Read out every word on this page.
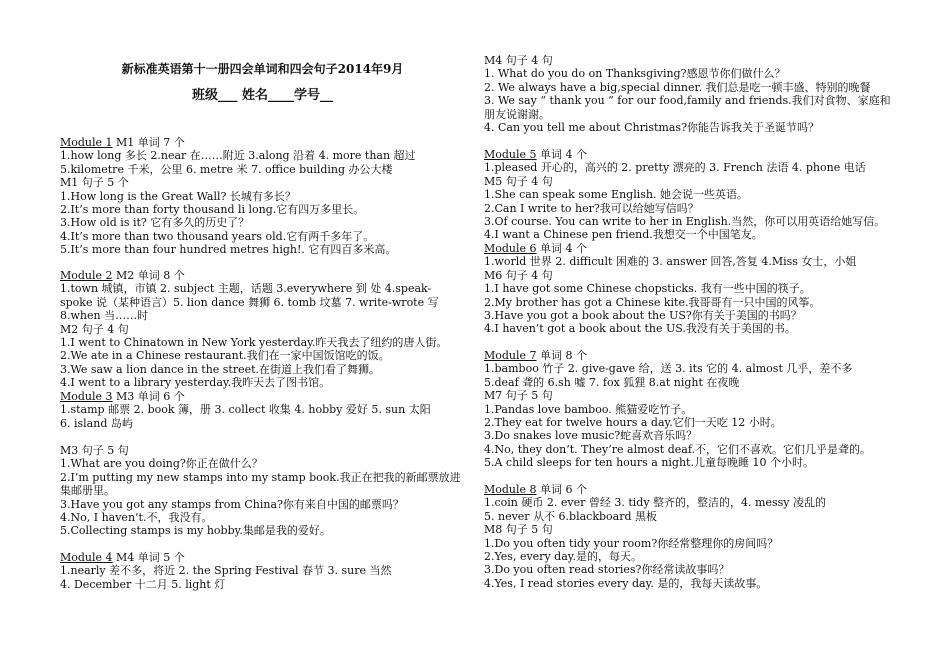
新标准英语第十一册四会单词和四会句子2014年9月
班级___ 姓名____学号__
Module 1 M1 单词 7 个
1.how long 多长 2.near 在……附近 3.along 沿着 4. more than 超过
5.kilometre 千米，公里 6. metre 米 7. office building 办公大楼
M1 句子 5 个
1.How long is the Great Wall? 长城有多长？
2.It’s more than forty thousand li long.它有四万多里长。
3.How old is it? 它有多久的历史了？
4.It’s more than two thousand years old.它有两千多年了。
5.It’s more than four hundred metres high!. 它有四百多米高。
Module 2 M2 单词 8 个
1.town 城镇，市镇 2. subject 主题，话题 3.everywhere 到 处 4.speak- spoke 说（某种语言）5. lion dance 舞狮 6. tomb 坟墓 7. write-wrote 写 8.when 当……时
M2 句子 4 句
1.I went to Chinatown in New York yesterday.昨天我去了纽约的唐人街。
2.We ate in a Chinese restaurant.我们在一家中国饭馆吃的饭。
3.We saw a lion dance in the street.在街道上我们看了舞狮。
4.I went to a library yesterday.我昨天去了图书馆。
Module 3 M3 单词 6 个
1.stamp 邮票 2. book 簿，册 3. collect 收集 4. hobby 爱好 5. sun 太阳
6. island 岛屿
M3 句子 5 句
1.What are you doing?你正在做什么？
2.I’m putting my new stamps into my stamp book.我正在把我的新邮票放进集邮册里。
3.Have you got any stamps from China?你有来自中国的邮票吗？
4.No, I haven’t.不，我没有。
5.Collecting stamps is my hobby.集邮是我的爱好。
Module 4 M4 单词 5 个
1.nearly 差不多，将近 2. the Spring Festival 春节 3. sure 当然
4. December 十二月 5. light 灯
M4 句子 4 句
1. What do you do on Thanksgiving?感恩节你们做什么？
2. We always have a big,special dinner. 我们总是吃一顿丰盛、特别的晚餐
3. We say “ thank you ” for our food,family and friends.我们对食物、家庭和朋友说谢谢。
4. Can you tell me about Christmas?你能告诉我关于圣诞节吗？
Module 5 单词 4 个
1.pleased 开心的，高兴的 2. pretty 漂亮的 3. French 法语 4. phone 电话
M5 句子 4 句
1.She can speak some English. 她会说一些英语。
2.Can I write to her?我可以给她写信吗？
3.Of course. You can write to her in English.当然，你可以用英语给她写信。
4.I want a Chinese pen friend.我想交一个中国笔友。
Module 6 单词 4 个
1.world 世界 2. difficult 困难的 3. answer 回答,答复 4.Miss 女士，小姐
M6 句子 4 句
1.I have got some Chinese chopsticks. 我有一些中国的筷子。
2.My brother has got a Chinese kite.我哥哥有一只中国的风筝。
3.Have you got a book about the US?你有关于美国的书吗？
4.I haven’t got a book about the US.我没有关于美国的书。
Module 7 单词 8 个
1.bamboo 竹子 2. give-gave 给，送 3. its 它的 4. almost 几乎，差不多
5.deaf 聋的 6.sh 嘘 7. fox 狐狸 8.at night 在夜晚
M7 句子 5 句
1.Pandas love bamboo. 熊猫爱吃竹子。
2.They eat for twelve hours a day.它们一天吃 12 小时。
3.Do snakes love music?蛇喜欢音乐吗？
4.No, they don’t. They’re almost deaf.不，它们不喜欢。它们几乎是聋的。
5.A child sleeps for ten hours a night.儿童每晚睡 10 个小时。
Module 8 单词 6 个
1.coin 硬币 2. ever 曾经 3. tidy 整齐的，整洁的，4. messy 凌乱的
5. never 从不 6.blackboard 黑板
M8 句子 5 句
1.Do you often tidy your room?你经常整理你的房间吗？
2.Yes, every day.是的，每天。
3.Do you often read stories?你经常读故事吗？
4.Yes, I read stories every day. 是的，我每天读故事。
